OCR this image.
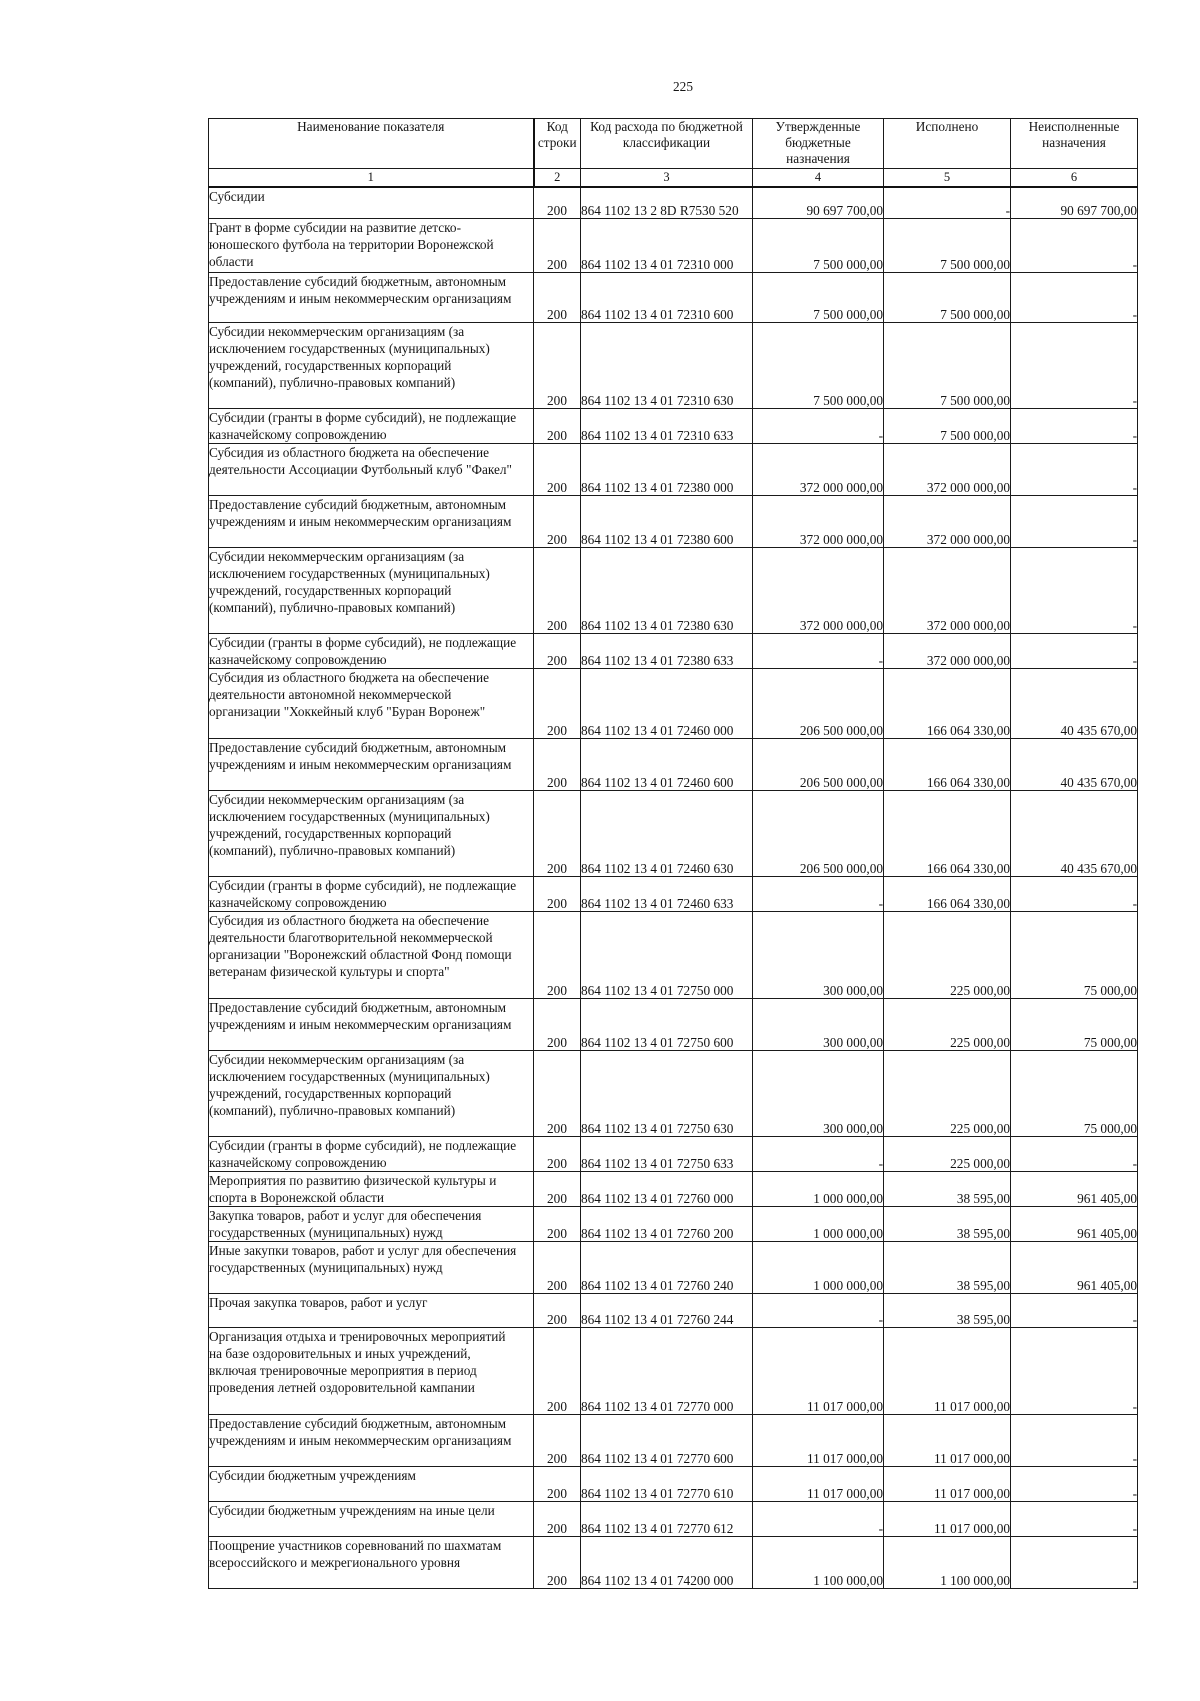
225
Наименование показателя	Код строки	Код расхода по бюджетной классификации	Утвержденные бюджетные назначения	Исполнено	Неисполненные назначения
1	2	3	4	5	6
Субсидии	200	864 1102 13 2 8D R7530 520	90 697 700,00	-	90 697 700,00
Грант в форме субсидии на развитие детско-
юношеского футбола на территории Воронежской
области	200	864 1102 13 4 01 72310 000	7 500 000,00	7 500 000,00	-
Предоставление субсидий бюджетным, автономным
учреждениям и иным некоммерческим организациям	200	864 1102 13 4 01 72310 600	7 500 000,00	7 500 000,00	-
Субсидии некоммерческим организациям (за
исключением государственных (муниципальных)
учреждений, государственных корпораций
(компаний), публично-правовых компаний)	200	864 1102 13 4 01 72310 630	7 500 000,00	7 500 000,00	-
Субсидии (гранты в форме субсидий), не подлежащие
казначейскому сопровождению	200	864 1102 13 4 01 72310 633	-	7 500 000,00	-
Субсидия из областного бюджета на обеспечение
деятельности Ассоциации Футбольный клуб "Факел"	200	864 1102 13 4 01 72380 000	372 000 000,00	372 000 000,00	-
Предоставление субсидий бюджетным, автономным
учреждениям и иным некоммерческим организациям	200	864 1102 13 4 01 72380 600	372 000 000,00	372 000 000,00	-
Субсидии некоммерческим организациям (за
исключением государственных (муниципальных)
учреждений, государственных корпораций
(компаний), публично-правовых компаний)	200	864 1102 13 4 01 72380 630	372 000 000,00	372 000 000,00	-
Субсидии (гранты в форме субсидий), не подлежащие
казначейскому сопровождению	200	864 1102 13 4 01 72380 633	-	372 000 000,00	-
Субсидия из областного бюджета на обеспечение
деятельности автономной некоммерческой
организации "Хоккейный клуб "Буран Воронеж"	200	864 1102 13 4 01 72460 000	206 500 000,00	166 064 330,00	40 435 670,00
Предоставление субсидий бюджетным, автономным
учреждениям и иным некоммерческим организациям	200	864 1102 13 4 01 72460 600	206 500 000,00	166 064 330,00	40 435 670,00
Субсидии некоммерческим организациям (за
исключением государственных (муниципальных)
учреждений, государственных корпораций
(компаний), публично-правовых компаний)	200	864 1102 13 4 01 72460 630	206 500 000,00	166 064 330,00	40 435 670,00
Субсидии (гранты в форме субсидий), не подлежащие
казначейскому сопровождению	200	864 1102 13 4 01 72460 633	-	166 064 330,00	-
Субсидия из областного бюджета на обеспечение
деятельности благотворительной некоммерческой
организации "Воронежский областной Фонд помощи
ветеранам физической культуры и спорта"	200	864 1102 13 4 01 72750 000	300 000,00	225 000,00	75 000,00
Предоставление субсидий бюджетным, автономным
учреждениям и иным некоммерческим организациям	200	864 1102 13 4 01 72750 600	300 000,00	225 000,00	75 000,00
Субсидии некоммерческим организациям (за
исключением государственных (муниципальных)
учреждений, государственных корпораций
(компаний), публично-правовых компаний)	200	864 1102 13 4 01 72750 630	300 000,00	225 000,00	75 000,00
Субсидии (гранты в форме субсидий), не подлежащие
казначейскому сопровождению	200	864 1102 13 4 01 72750 633	-	225 000,00	-
Мероприятия по развитию физической культуры и
спорта в Воронежской области	200	864 1102 13 4 01 72760 000	1 000 000,00	38 595,00	961 405,00
Закупка товаров, работ и услуг для обеспечения
государственных (муниципальных) нужд	200	864 1102 13 4 01 72760 200	1 000 000,00	38 595,00	961 405,00
Иные закупки товаров, работ и услуг для обеспечения
государственных (муниципальных) нужд	200	864 1102 13 4 01 72760 240	1 000 000,00	38 595,00	961 405,00
Прочая закупка товаров, работ и услуг	200	864 1102 13 4 01 72760 244	-	38 595,00	-
Организация отдыха и тренировочных мероприятий
на базе оздоровительных и иных учреждений,
включая тренировочные мероприятия в период
проведения летней оздоровительной кампании	200	864 1102 13 4 01 72770 000	11 017 000,00	11 017 000,00	-
Предоставление субсидий бюджетным, автономным
учреждениям и иным некоммерческим организациям	200	864 1102 13 4 01 72770 600	11 017 000,00	11 017 000,00	-
Субсидии бюджетным учреждениям	200	864 1102 13 4 01 72770 610	11 017 000,00	11 017 000,00	-
Субсидии бюджетным учреждениям на иные цели	200	864 1102 13 4 01 72770 612	-	11 017 000,00	-
Поощрение участников соревнований по шахматам
всероссийского и межрегионального уровня	200	864 1102 13 4 01 74200 000	1 100 000,00	1 100 000,00	-
